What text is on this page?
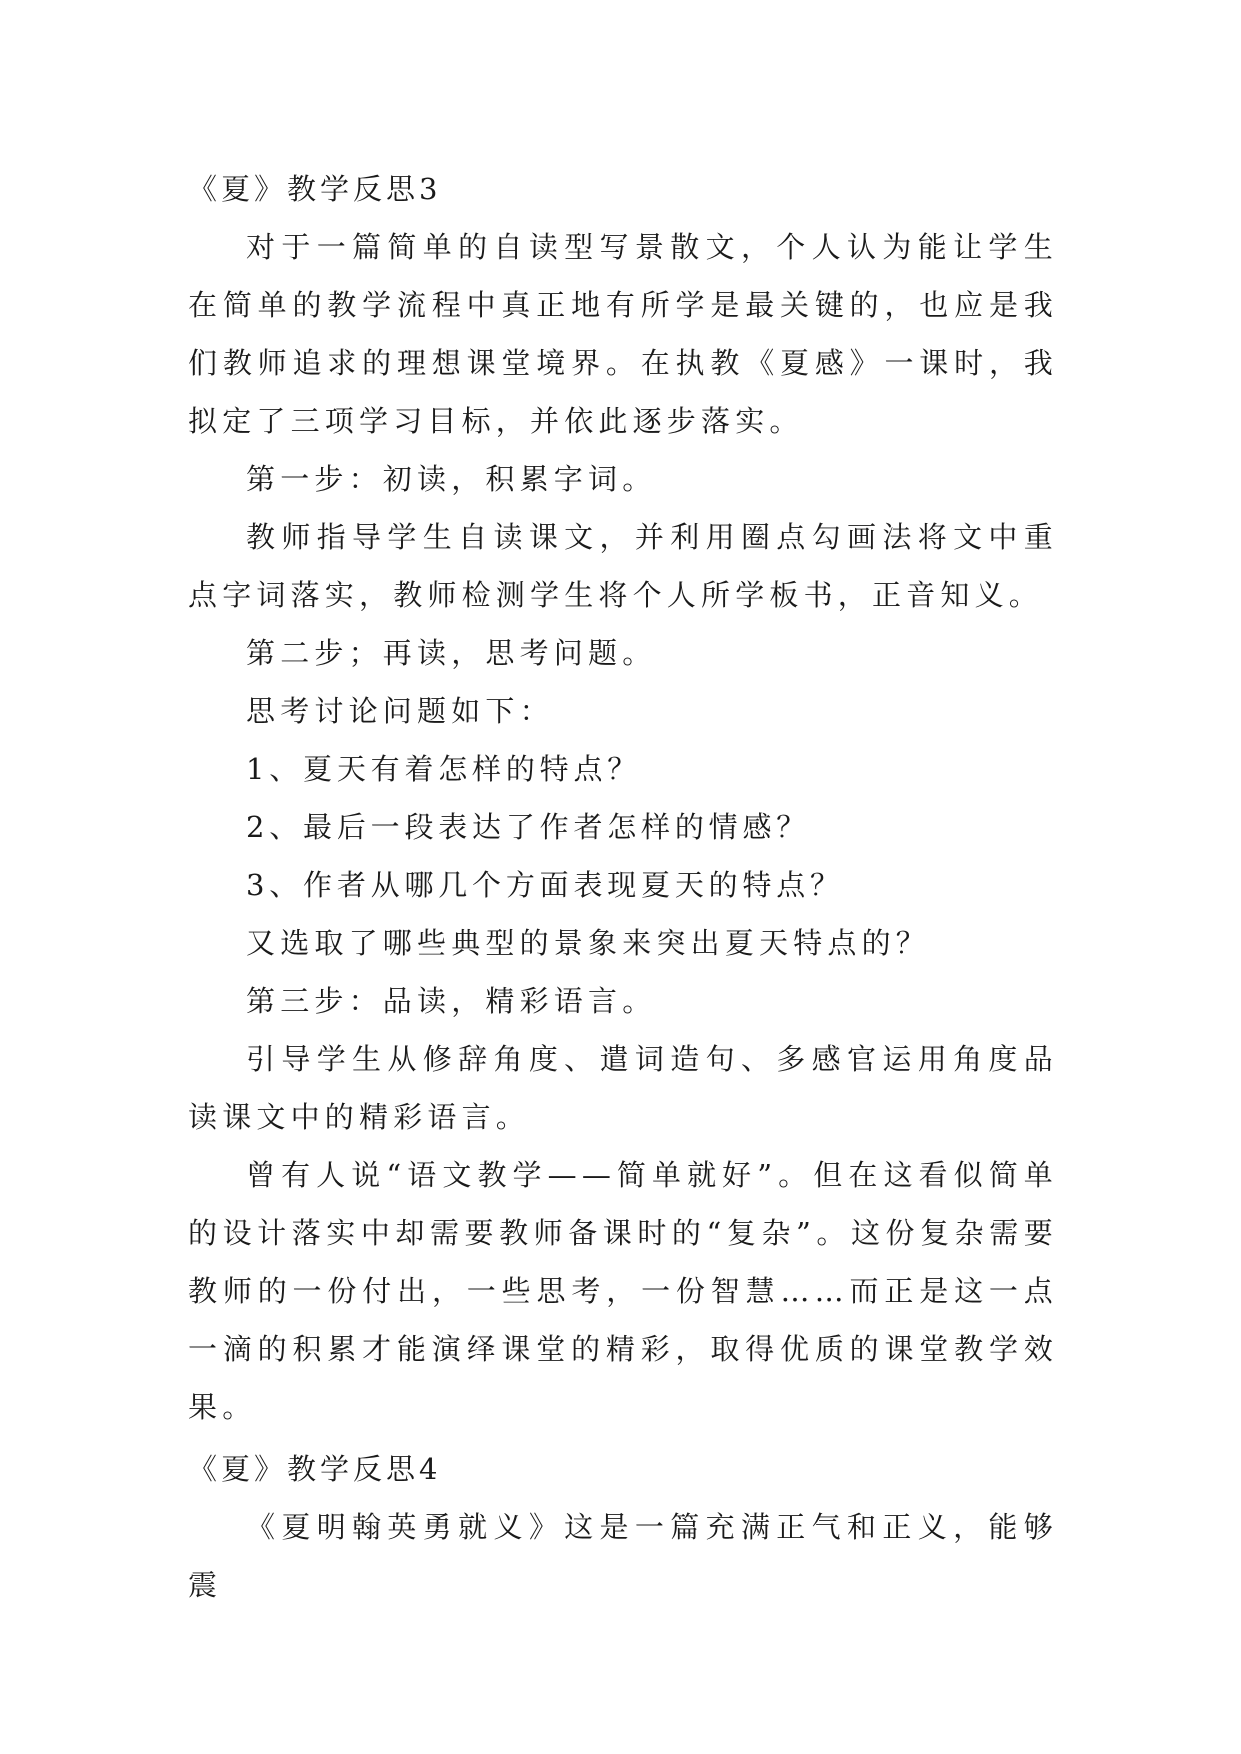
《夏》教学反思3

对于一篇简单的自读型写景散文，个人认为能让学生在简单的教学流程中真正地有所学是最关键的，也应是我们教师追求的理想课堂境界。在执教《夏感》一课时，我拟定了三项学习目标，并依此逐步落实。

第一步：初读，积累字词。

教师指导学生自读课文，并利用圈点勾画法将文中重点字词落实，教师检测学生将个人所学板书，正音知义。

第二步；再读，思考问题。

思考讨论问题如下：

1、夏天有着怎样的特点？

2、最后一段表达了作者怎样的情感？

3、作者从哪几个方面表现夏天的特点？

又选取了哪些典型的景象来突出夏天特点的？

第三步：品读，精彩语言。

引导学生从修辞角度、遣词造句、多感官运用角度品读课文中的精彩语言。

曾有人说“语文教学——简单就好”。但在这看似简单的设计落实中却需要教师备课时的“复杂”。这份复杂需要教师的一份付出，一些思考，一份智慧……而正是这一点一滴的积累才能演绎课堂的精彩，取得优质的课堂教学效果。

《夏》教学反思4

《夏明翰英勇就义》这是一篇充满正气和正义，能够震
